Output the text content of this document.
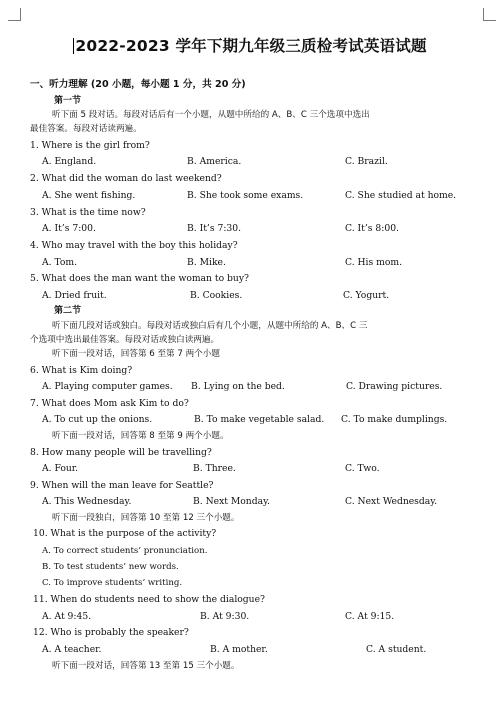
2022-2023 学年下期九年级三质检考试英语试题
一、听力理解 (20 小题，每小题 1 分，共 20 分)
第一节
听下面 5 段对话。每段对话后有一个小题，从题中所给的 A、B、C 三个选项中选出
最佳答案。每段对话读两遍。
1. Where is the girl from?
A. England.	B. America.	C. Brazil.
2. What did the woman do last weekend?
A. She went fishing.	B. She took some exams.	C. She studied at home.
3. What is the time now?
A. It’s 7:00.	B. It’s 7:30.	C. It’s 8:00.
4. Who may travel with the boy this holiday?
A. Tom.	B. Mike.	C. His mom.
5. What does the man want the woman to buy?
A. Dried fruit.	B. Cookies.	C. Yogurt.
第二节
听下面几段对话或独白。每段对话或独白后有几个小题，从题中所给的 A、B、C 三
个选项中选出最佳答案。每段对话或独白读两遍。
听下面一段对话，回答第 6 至第 7 两个小题
6. What is Kim doing?
A. Playing computer games. B. Lying on the bed.	C. Drawing pictures.
7. What does Mom ask Kim to do?
A. To cut up the onions.	B. To make vegetable salad. C. To make dumplings.
听下面一段对话，回答第 8 至第 9 两个小题。
8. How many people will be travelling?
A. Four.	B. Three.	C. Two.
9. When will the man leave for Seattle?
A. This Wednesday.	B. Next Monday.	C. Next Wednesday.
听下面一段独白，回答第 10 至第 12 三个小题。
10. What is the purpose of the activity?
A. To correct students’ pronunciation.
B. To test students’ new words.
C. To improve students’ writing.
11. When do students need to show the dialogue?
A. At 9:45.	B. At 9:30.	C. At 9:15.
12. Who is probably the speaker?
A. A teacher.	B. A mother.	C. A student.
听下面一段对话，回答第 13 至第 15 三个小题。
